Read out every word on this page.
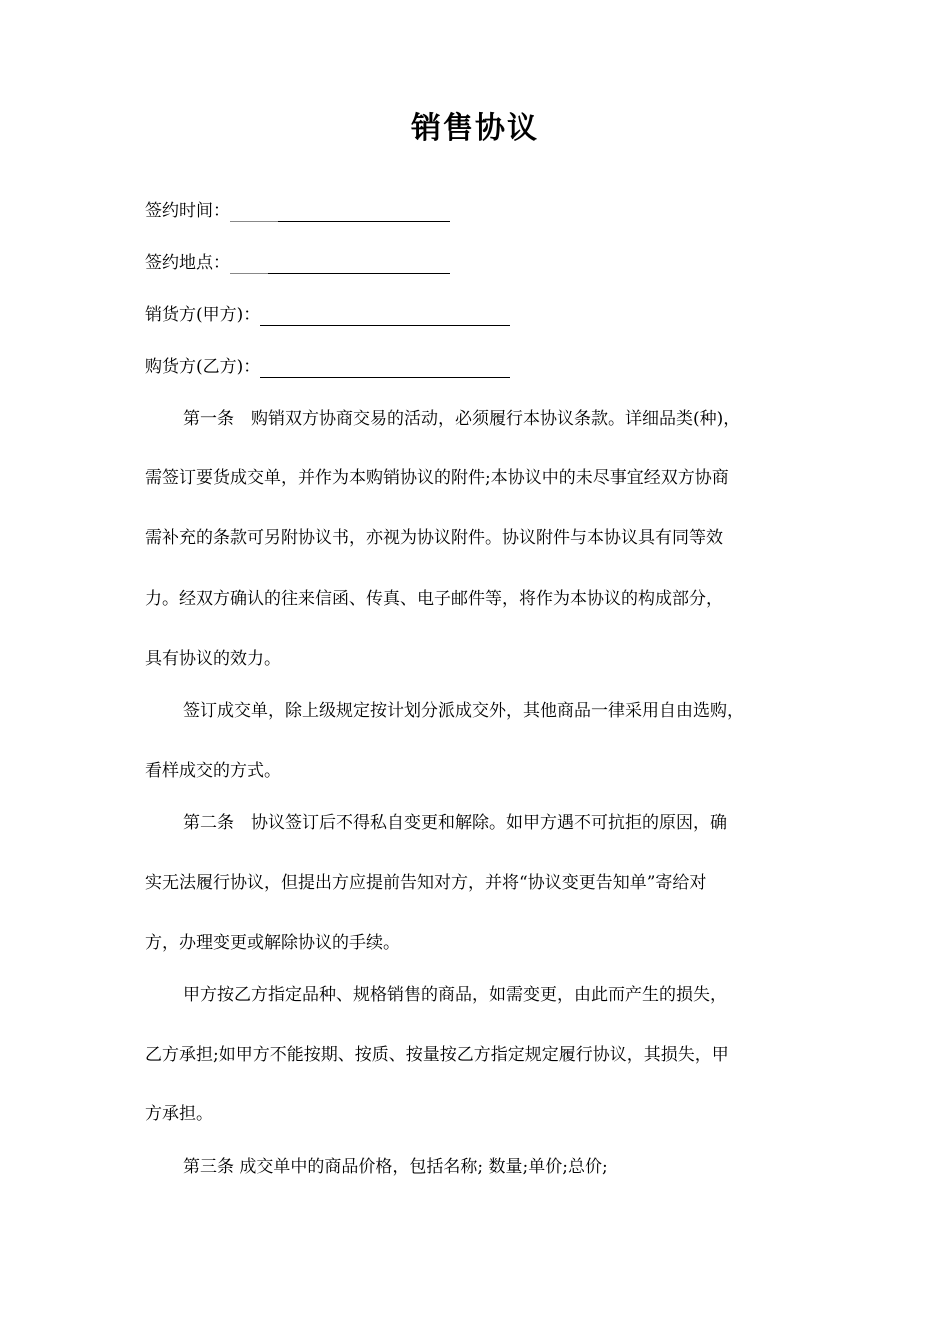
销售协议
签约时间：
签约地点：
销货方(甲方)：
购货方(乙方)：
第一条　购销双方协商交易的活动，必须履行本协议条款。详细品类(种)，
需签订要货成交单，并作为本购销协议的附件;本协议中的未尽事宜经双方协商
需补充的条款可另附协议书，亦视为协议附件。协议附件与本协议具有同等效
力。经双方确认的往来信函、传真、电子邮件等，将作为本协议的构成部分，
具有协议的效力。
签订成交单，除上级规定按计划分派成交外，其他商品一律采用自由选购，
看样成交的方式。
第二条　协议签订后不得私自变更和解除。如甲方遇不可抗拒的原因，确
实无法履行协议，但提出方应提前告知对方，并将“协议变更告知单”寄给对
方，办理变更或解除协议的手续。
甲方按乙方指定品种、规格销售的商品，如需变更，由此而产生的损失，
乙方承担;如甲方不能按期、按质、按量按乙方指定规定履行协议，其损失，甲
方承担。
第三条 成交单中的商品价格，包括名称; 数量;单价;总价;
